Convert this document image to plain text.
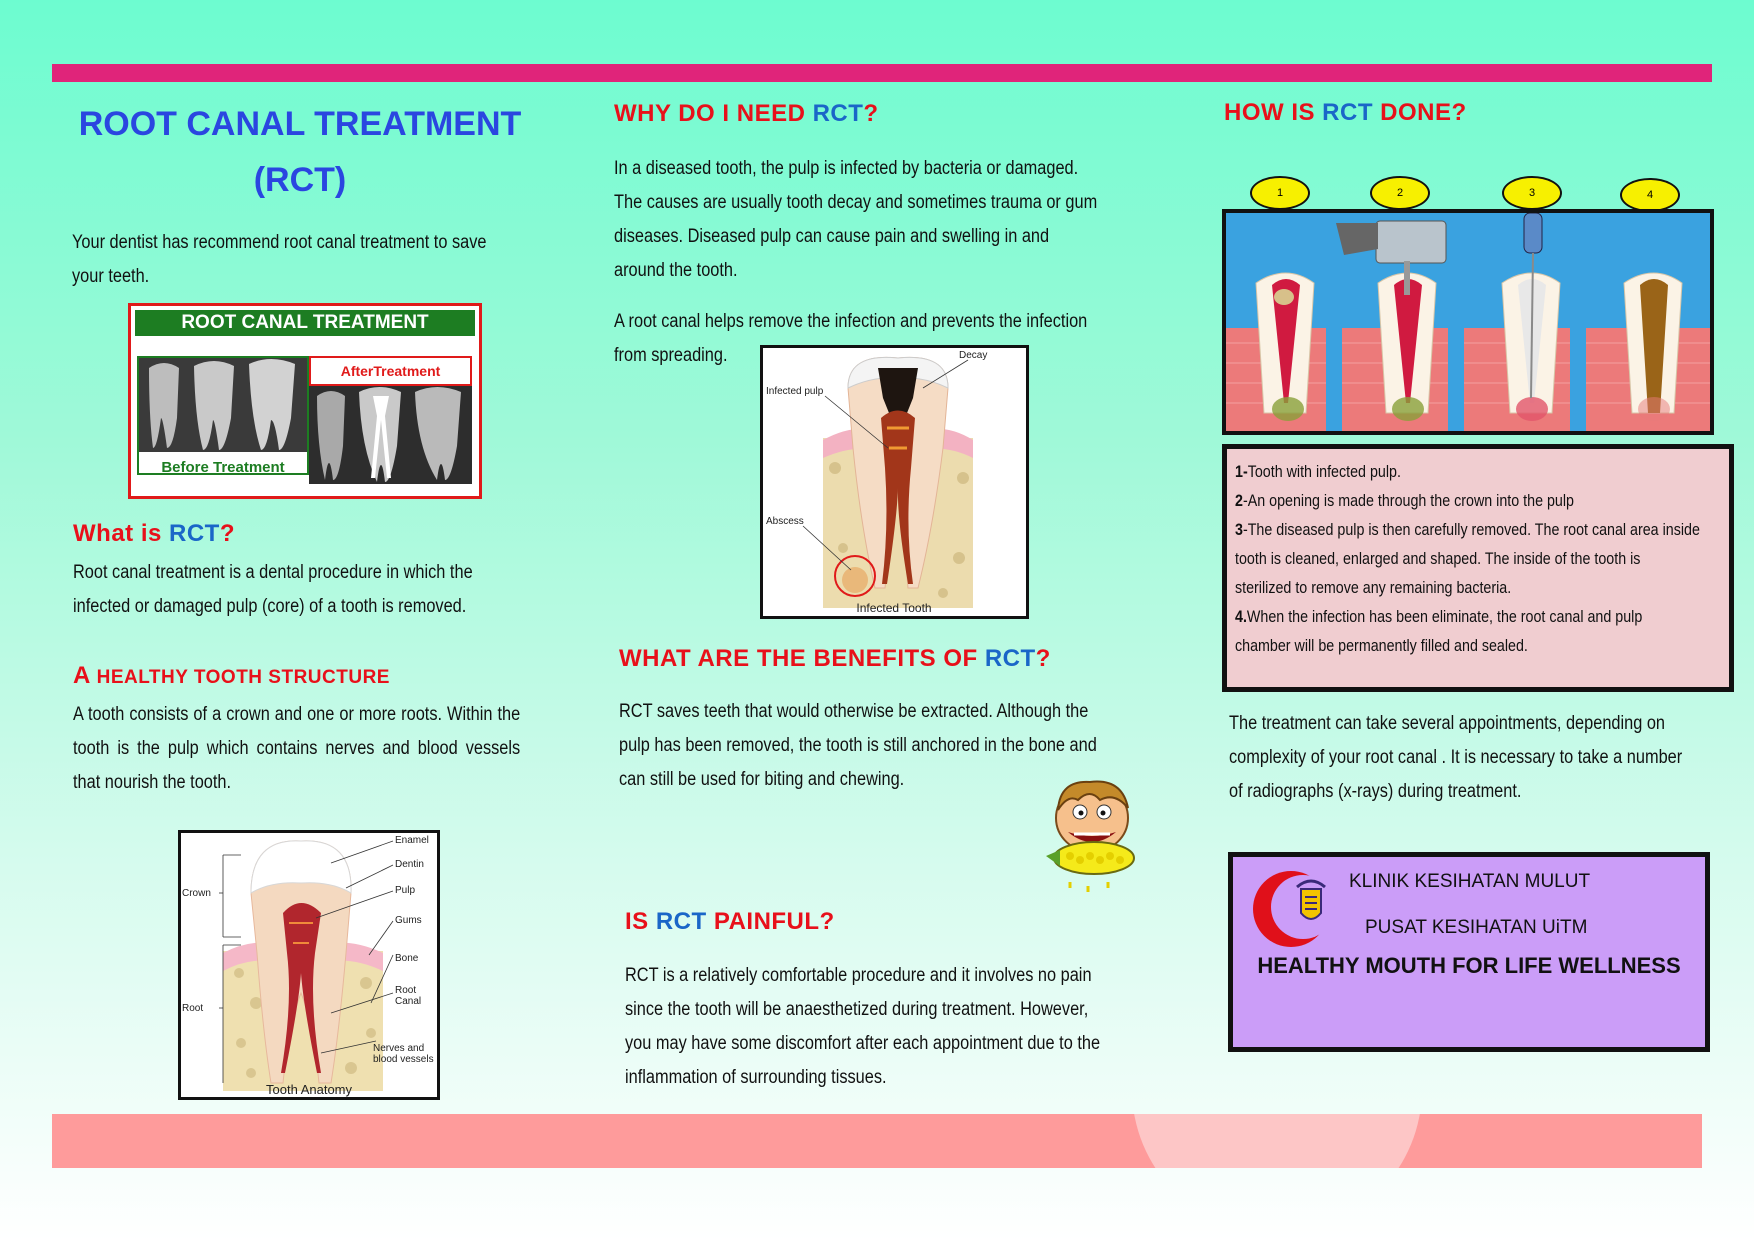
ROOT CANAL TREATMENT
(RCT)
Your dentist has recommend root canal treatment to save your teeth.
ROOT CANAL TREATMENT
Before Treatment
AfterTreatment
What is RCT?
Root canal treatment is a dental procedure in which the infected or damaged pulp (core) of a tooth is removed.
A HEALTHY TOOTH STRUCTURE
A tooth consists of a crown and one or more roots. Within the tooth is the pulp which contains nerves and blood vessels that nourish the tooth.
Enamel
Dentin
Pulp
Gums
Bone
Root
Canal
Nerves and
blood vessels
Crown
Root
Tooth Anatomy
WHY DO I NEED RCT?
In a diseased tooth, the pulp is infected by bacteria or damaged. The causes are usually tooth decay and sometimes trauma or gum diseases. Diseased pulp can cause pain and swelling in and around the tooth.
A root canal helps remove the infection and prevents the infection from spreading.	Decay
Infected pulp
Abscess
Infected Tooth
WHAT ARE THE BENEFITS OF RCT?
RCT saves teeth that would otherwise be extracted. Although the pulp has been removed, the tooth is still anchored in the bone and can still be used for biting and chewing.
IS RCT PAINFUL?
RCT is a relatively comfortable procedure and it involves no pain since the tooth will be anaesthetized during treatment. However, you may have some discomfort after each appointment due to the inflammation of surrounding tissues.
HOW IS RCT DONE?
1	2	3	4

1-Tooth with infected pulp.

2-An opening is made through the crown into the pulp

3-The diseased pulp is then carefully removed. The root canal area inside tooth is cleaned, enlarged and shaped. The inside of the tooth is sterilized to remove any remaining bacteria.

4.When the infection has been eliminate, the root canal and pulp chamber will be permanently filled and sealed.

The treatment can take several appointments, depending on complexity of your root canal . It is necessary to take a number of radiographs (x-rays) during treatment.
KLINIK KESIHATAN MULUT
PUSAT KESIHATAN UiTM
HEALTHY MOUTH FOR LIFE WELLNESS
